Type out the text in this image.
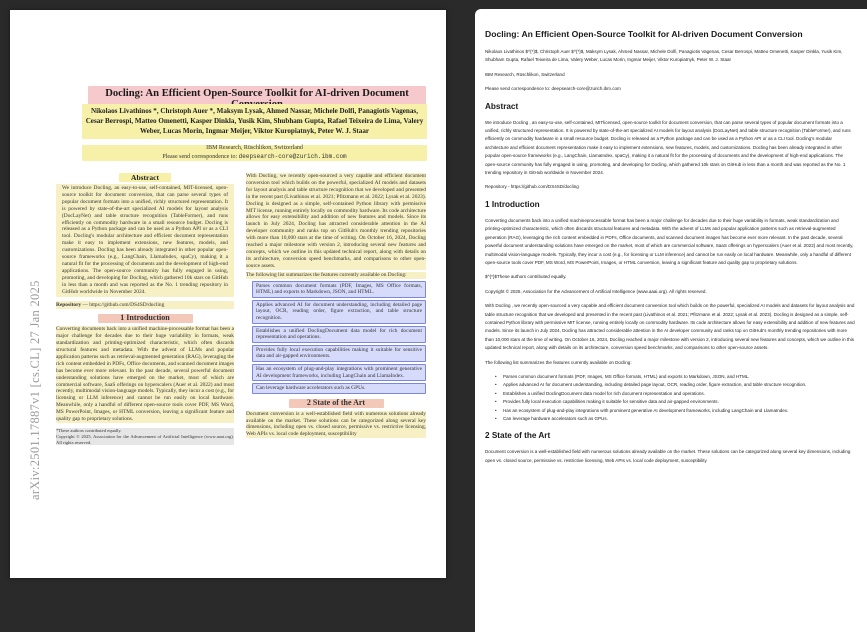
arXiv:2501.17887v1 [cs.CL] 27 Jan 2025
Docling: An Efficient Open-Source Toolkit for AI-driven Document
Nikolaos Livathinos *, Christoph Auer *, Maksym Lysak, Ahmed Nassar, Michele Dolfi, Panagiotis Vagenas, Cesar Berrospi, Matteo Omenetti, Kasper Dinkla, Yusik Kim, Shubham Gupta, Rafael Teixeira de Lima, Valery Weber, Lucas Morin, Ingmar Meijer, Viktor Kuropiatnyk, Peter W. J. Staar
IBM Research, Rüschlikon, Switzerland
Please send correspondence to: deepsearch-core@zurich.ibm.com
Abstract
We introduce Docling, an easy-to-use, self-contained, MIT-licensed, open-source toolkit for document conversion, that can parse several types of popular document formats into a unified, richly structured representation. It is powered by state-of-the-art specialized AI models for layout analysis (DocLayNet) and table structure recognition (TableFormer), and runs efficiently on commodity hardware in a small resource budget. Docling is released as a Python package and can be used as a Python API or as a CLI tool. Docling's modular architecture and efficient document representation make it easy to implement extensions, new features, models, and customizations. Docling has been already integrated in other popular open-source frameworks (e.g., LangChain, LlamaIndex, spaCy), making it a natural fit for the processing of documents and the development of high-end applications. The open-source community has fully engaged in using, promoting, and developing for Docling, which gathered 10k stars on GitHub in less than a month and was reported as the No. 1 trending repository in GitHub worldwide in November 2024.
Repository — https://github.com/DS4SD/docling
1 Introduction
Converting documents back into a unified machine-processable format has been a major challenge for decades due to their huge variability in formats, weak standardization and printing-optimized characteristic, which often discards structural features and metadata. With the advent of LLMs and popular application patterns such as retrieval-augmented generation (RAG), leveraging the rich content embedded in PDFs, Office documents, and scanned document images has become ever more relevant. In the past decade, several powerful document understanding solutions have emerged on the market, most of which are commercial software, SaaS offerings on hyperscalers (Auer et al. 2022) and most recently, multimodal vision-language models. Typically, they incur a cost (e.g., for licensing or LLM inference) and cannot be run easily on local hardware. Meanwhile, only a handful of different open-source tools cover PDF, MS Word, MS PowerPoint, Images, or HTML conversion, leaving a significant feature and quality gap to proprietary solutions.
*These authors contributed equally.
Copyright © 2025, Association for the Advancement of Artificial Intelligence (www.aaai.org). All rights reserved.
With Docling, we recently open-sourced a very capable and efficient document conversion tool which builds on the powerful, specialized AI models and datasets for layout analysis and table structure recognition that we developed and presented in the recent past (Livathinos et al. 2021; Pfitzmann et al. 2022; Lysak et al. 2023). Docling is designed as a simple, self-contained Python library with permissive MIT license, running entirely locally on commodity hardware. Its code architecture allows for easy extensibility and addition of new features and models. Since its launch in July 2024, Docling has attracted considerable attention in the AI developer community and ranks top on GitHub's monthly trending repositories with more than 10,000 stars at the time of writing. On October 16, 2024, Docling reached a major milestone with version 2, introducing several new features and concepts, which we outline in this updated technical report, along with details on its architecture, conversion speed benchmarks, and comparisons to other open-source assets.
The following list summarizes the features currently available on Docling:
Parses common document formats (PDF, Images, MS Office formats, HTML) and exports to Markdown, JSON, and HTML.
Applies advanced AI for document understanding, including detailed page layout, OCR, reading order, figure extraction, and table structure recognition.
Establishes a unified DoclingDocument data model for rich document representation and operations.
Provides fully local execution capabilities making it suitable for sensitive data and air-gapped environments.
Has an ecosystem of plug-and-play integrations with prominent generative AI development frameworks, including LangChain and LlamaIndex.
Can leverage hardware accelerators such as GPUs.
2 State of the Art
Document conversion is a well-established field with numerous solutions already available on the market. These solutions can be categorized along several key dimensions, including open vs. closed source, permissive vs. restrictive licensing, Web APIs vs. local code deployment, susceptibility
Docling: An Efficient Open-Source Toolkit for AI-driven Document Conversion

Nikolaos Livathinos $^{*}$, Christoph Auer $^{*}$, Maksym Lysak, Ahmed Nassar, Michele Dolfi, Panagiotis Vagenas, Cesar Berrospi, Matteo Omenetti, Kasper Dinkla, Yusik Kim, Shubham Gupta, Rafael Teixeira de Lima, Valery Weber, Lucas Morin, Ingmar Meijer, Viktor Kuropiatnyk, Peter W. J. Staar

IBM Research, Rüschlikon, Switzerland

Please send correspondence to: deepsearch-core@zurich.ibm.com

Abstract

We introduce Docling , an easy-to-use, self-contained, MITlicensed, open-source toolkit for document conversion, that can parse several types of popular document formats into a unified, richly structured representation. It is powered by state-of-the-art specialized AI models for layout analysis (DocLayNet) and table structure recognition (TableFormer), and runs efficiently on commodity hardware in a small resource budget. Docling is released as a Python package and can be used as a Python API or as a CLI tool. Docling's modular architecture and efficient document representation make it easy to implement extensions, new features, models, and customizations. Docling has been already integrated in other popular open-source frameworks (e.g., LangChain, LlamaIndex, spaCy), making it a natural fit for the processing of documents and the development of high-end applications. The open-source community has fully engaged in using, promoting, and developing for Docling, which gathered 10k stars on GitHub in less than a month and was reported as the No. 1 trending repository in GitHub worldwide in November 2024.

Repository - https://github.com/DS4SD/docling

1 Introduction

Converting documents back into a unified machineprocessable format has been a major challenge for decades due to their huge variability in formats, weak standardization and printing-optimized characteristic, which often discards structural features and metadata. With the advent of LLMs and popular application patterns such as retrieval-augmented generation (RAG), leveraging the rich content embedded in PDFs, Office documents, and scanned document images has become ever more relevant. In the past decade, several powerful document understanding solutions have emerged on the market, most of which are commercial software, SaaS offerings on hyperscalers (Auer et al. 2022) and most recently, multimodal vision-language models. Typically, they incur a cost (e.g., for licensing or LLM inference) and cannot be run easily on local hardware. Meanwhile, only a handful of different open-source tools cover PDF, MS Word, MS PowerPoint, Images, or HTML conversion, leaving a significant feature and quality gap to proprietary solutions.

$^{*}$These authors contributed equally.

Copyright © 2025, Association for the Advancement of Artificial Intelligence (www.aaai.org). All rights reserved.

With Docling , we recently open-sourced a very capable and efficient document conversion tool which builds on the powerful, specialized AI models and datasets for layout analysis and table structure recognition that we developed and presented in the recent past (Livathinos et al. 2021; Pfitzmann et al. 2022; Lysak et al. 2023). Docling is designed as a simple, self-contained Python library with permissive MIT license, running entirely locally on commodity hardware. Its code architecture allows for easy extensibility and addition of new features and models. Since its launch in July 2024, Docling has attracted considerable attention in the AI developer community and ranks top on GitHub's monthly trending repositories with more than 10,000 stars at the time of writing. On October 16, 2024, Docling reached a major milestone with version 2, introducing several new features and concepts, which we outline in this updated technical report, along with details on its architecture, conversion speed benchmarks, and comparisons to other open-source assets.

The following list summarizes the features currently available on Docling:

•	Parses common document formats (PDF, Images, MS Office formats, HTML) and exports to Markdown, JSON, and HTML.
•	Applies advanced AI for document understanding, including detailed page layout, OCR, reading order, figure extraction, and table structure recognition.
•	Establishes a unified DoclingDocument data model for rich document representation and operations.
•	Provides fully local execution capabilities making it suitable for sensitive data and air-gapped environments.
•	Has an ecosystem of plug-and-play integrations with prominent generative AI development frameworks, including LangChain and LlamaIndex.
•	Can leverage hardware accelerators such as GPUs.
2 State of the Art

Document conversion is a well-established field with numerous solutions already available on the market. These solutions can be categorized along several key dimensions, including open vs. closed source, permissive vs. restrictive licensing, Web APIs vs. local code deployment, susceptibility
